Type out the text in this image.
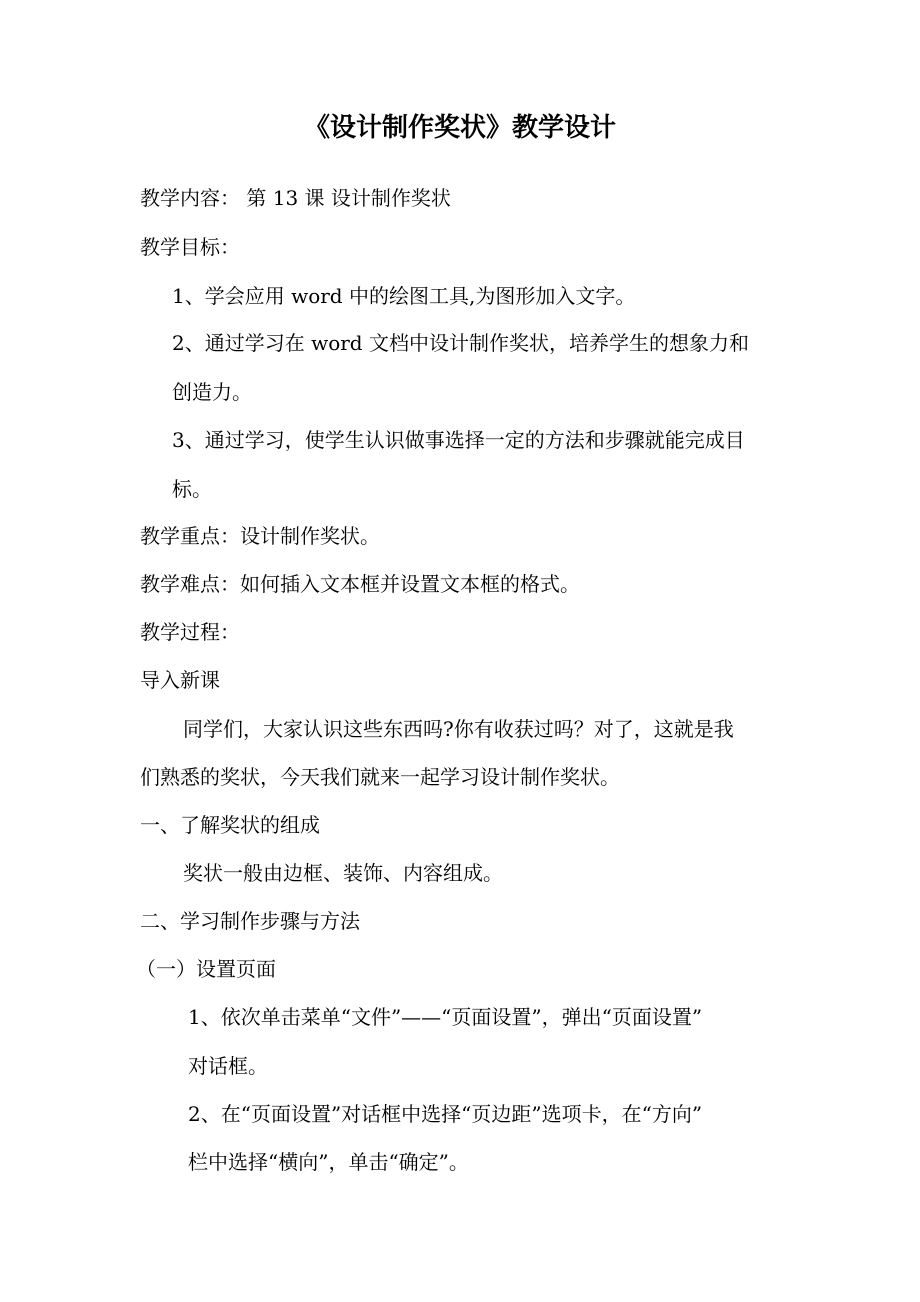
《设计制作奖状》教学设计
教学内容： 第 13 课 设计制作奖状
教学目标：
1、学会应用 word 中的绘图工具,为图形加入文字。
2、通过学习在 word 文档中设计制作奖状，培养学生的想象力和
创造力。
3、通过学习，使学生认识做事选择一定的方法和步骤就能完成目
标。
教学重点：设计制作奖状。
教学难点：如何插入文本框并设置文本框的格式。
教学过程：
导入新课
同学们，大家认识这些东西吗?你有收获过吗？对了，这就是我
们熟悉的奖状，今天我们就来一起学习设计制作奖状。
一、了解奖状的组成
奖状一般由边框、装饰、内容组成。
二、学习制作步骤与方法
（一）设置页面
1、依次单击菜单“文件”——“页面设置”，弹出“页面设置”
对话框。
2、在“页面设置”对话框中选择“页边距”选项卡，在“方向”
栏中选择“横向”，单击“确定”。
